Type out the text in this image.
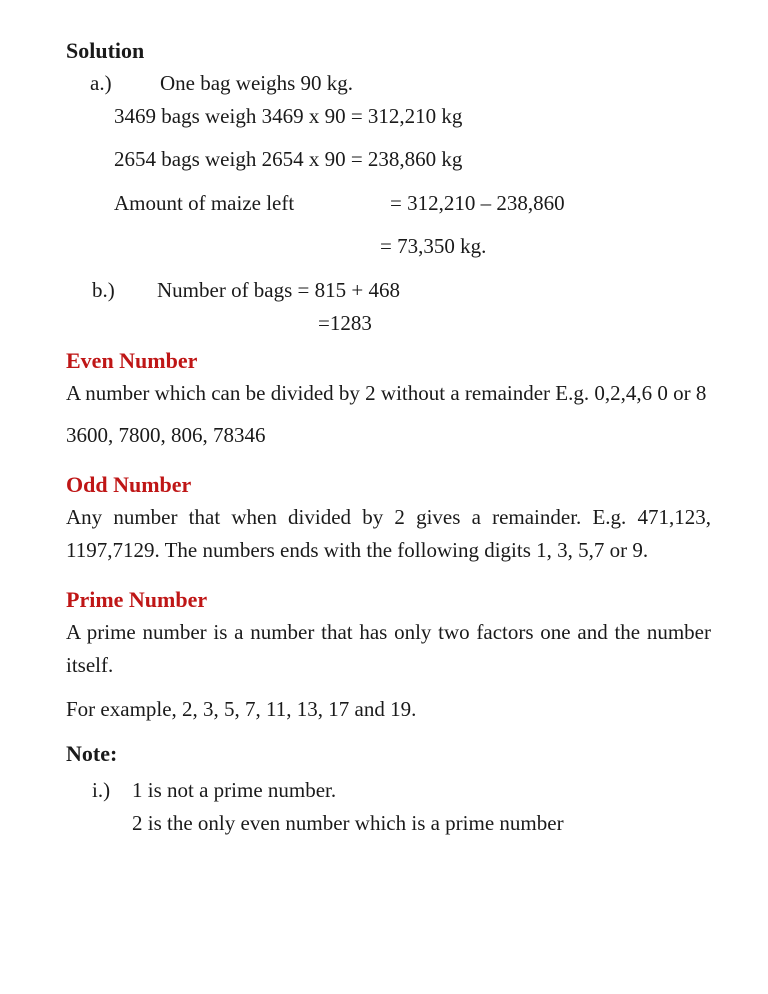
Solution
a.)	One bag weighs 90 kg.
3469 bags weigh 3469 x 90 = 312,210 kg
2654 bags weigh 2654 x 90 = 238,860 kg
Amount of maize left	= 312,210 – 238,860
= 73,350 kg.
b.)	Number of bags = 815 + 468
=1283
Even Number
A number which can be divided by 2 without a remainder E.g. 0,2,4,6 0 or 8
3600, 7800, 806, 78346
Odd Number
Any number that when divided by 2 gives a remainder. E.g. 471,123, 1197,7129. The numbers ends with the following digits 1, 3, 5,7 or 9.
Prime Number
A prime number is a number that has only two factors one and the number itself.
For example, 2, 3, 5, 7, 11, 13, 17 and 19.
Note:
i.)	1 is not a prime number.
2 is the only even number which is a prime number
